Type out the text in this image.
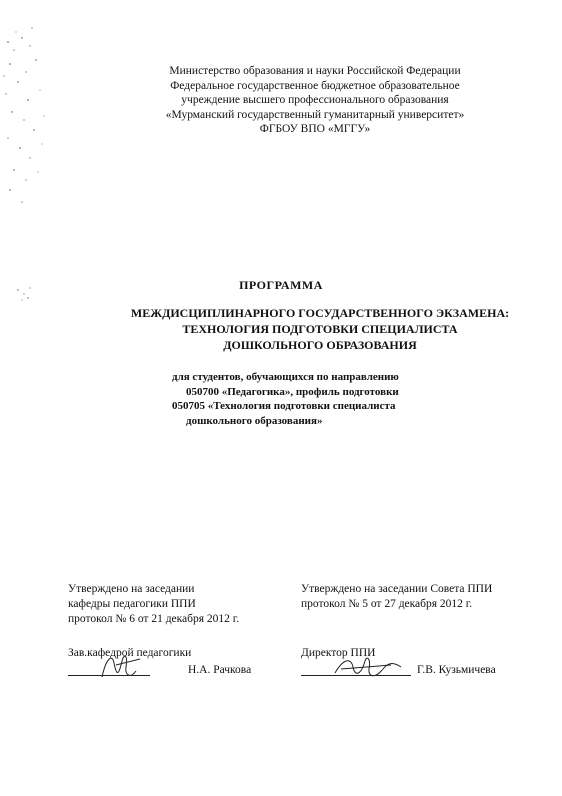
Министерство образования и науки Российской Федерации
Федеральное государственное бюджетное образовательное
учреждение высшего профессионального образования
«Мурманский государственный гуманитарный университет»
ФГБОУ ВПО «МГГУ»
ПРОГРАММА
МЕЖДИСЦИПЛИНАРНОГО ГОСУДАРСТВЕННОГО ЭКЗАМЕНА:
ТЕХНОЛОГИЯ ПОДГОТОВКИ СПЕЦИАЛИСТА
ДОШКОЛЬНОГО ОБРАЗОВАНИЯ
для студентов, обучающихся по направлению
050700 «Педагогика», профиль подготовки
050705 «Технология подготовки специалиста
дошкольного образования»
Утверждено на заседании
кафедры педагогики ППИ
протокол № 6 от 21 декабря 2012 г.
Утверждено на заседании Совета ППИ
протокол № 5 от 27 декабря 2012 г.
Зав.кафедрой педагогики
Н.А. Рачкова
Директор ППИ
Г.В. Кузьмичева
